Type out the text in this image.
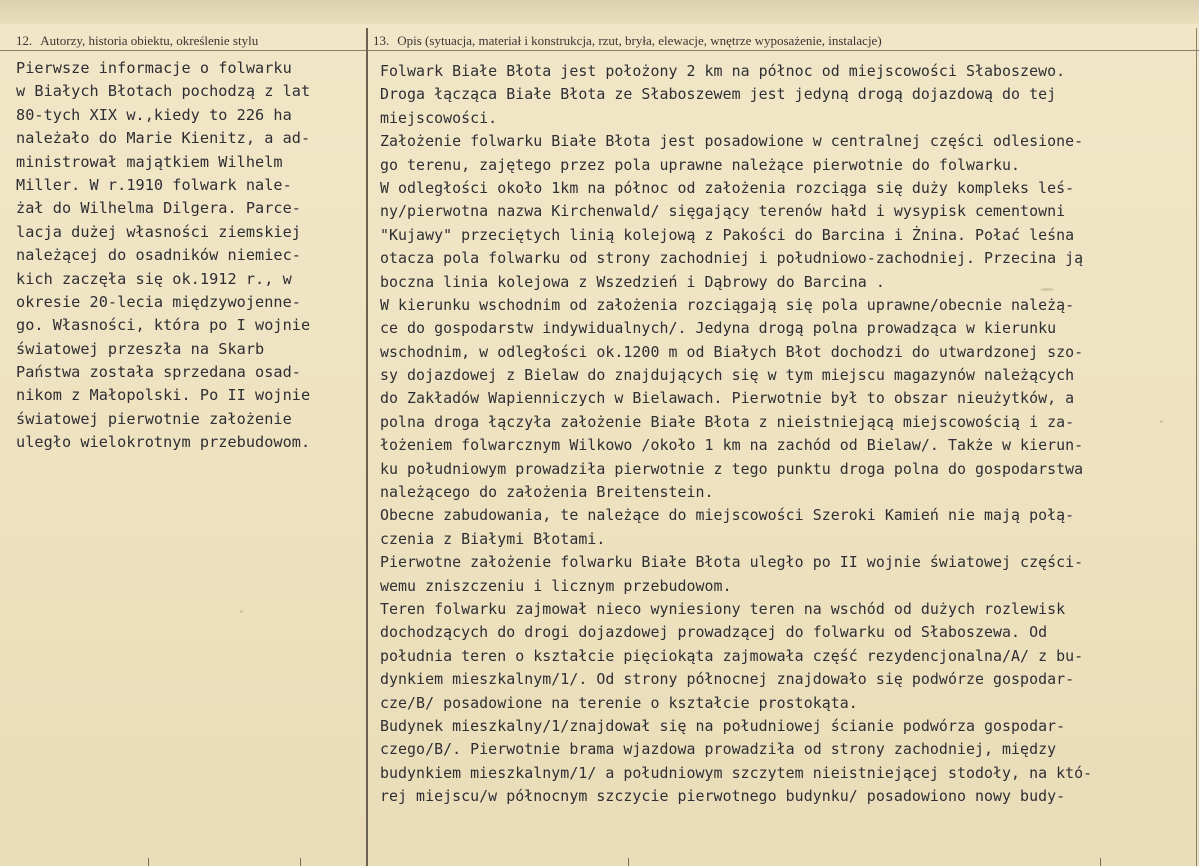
12. Autorzy, historia obiektu, określenie stylu	13. Opis (sytuacja, materiał i konstrukcja, rzut, bryła, elewacje, wnętrze wyposażenie, instalacje)
Pierwsze informacje o folwarku
w Białych Błotach pochodzą z lat
80-tych XIX w.,kiedy to 226 ha
należało do Marie Kienitz, a ad-
ministrował majątkiem Wilhelm
Miller. W r.1910 folwark nale-
żał do Wilhelma Dilgera. Parce-
lacja dużej własności ziemskiej
należącej do osadników niemiec-
kich zaczęła się ok.1912 r., w
okresie 20-lecia międzywojenne-
go. Własności, która po I wojnie
światowej przeszła na Skarb
Państwa została sprzedana osad-
nikom z Małopolski. Po II wojnie
światowej pierwotnie założenie
uległo wielokrotnym przebudowom.
Folwark Białe Błota jest położony 2 km na północ od miejscowości Słaboszewo.
Droga łącząca Białe Błota ze Słaboszewem jest jedyną drogą dojazdową do tej
miejscowości.
Założenie folwarku Białe Błota jest posadowione w centralnej części odlesione-
go terenu, zajętego przez pola uprawne należące pierwotnie do folwarku.
W odległości około 1km na północ od założenia rozciąga się duży kompleks leś-
ny/pierwotna nazwa Kirchenwald/ sięgający terenów hałd i wysypisk cementowni
"Kujawy" przeciętych linią kolejową z Pakości do Barcina i Żnina. Połać leśna
otacza pola folwarku od strony zachodniej i południowo-zachodniej. Przecina ją
boczna linia kolejowa z Wszedzień i Dąbrowy do Barcina .
W kierunku wschodnim od założenia rozciągają się pola uprawne/obecnie należą-
ce do gospodarstw indywidualnych/. Jedyna drogą polna prowadząca w kierunku
wschodnim, w odległości ok.1200 m od Białych Błot dochodzi do utwardzonej szo-
sy dojazdowej z Bielaw do znajdujących się w tym miejscu magazynów należących
do Zakładów Wapienniczych w Bielawach. Pierwotnie był to obszar nieużytków, a
polna droga łączyła założenie Białe Błota z nieistniejącą miejscowością i za-
łożeniem folwarcznym Wilkowo /około 1 km na zachód od Bielaw/. Także w kierun-
ku południowym prowadziła pierwotnie z tego punktu droga polna do gospodarstwa
należącego do założenia Breitenstein.
Obecne zabudowania, te należące do miejscowości Szeroki Kamień nie mają połą-
czenia z Białymi Błotami.
Pierwotne założenie folwarku Białe Błota uległo po II wojnie światowej części-
wemu zniszczeniu i licznym przebudowom.
Teren folwarku zajmował nieco wyniesiony teren na wschód od dużych rozlewisk
dochodzących do drogi dojazdowej prowadzącej do folwarku od Słaboszewa. Od
południa teren o kształcie pięciokąta zajmowała część rezydencjonalna/A/ z bu-
dynkiem mieszkalnym/1/. Od strony północnej znajdowało się podwórze gospodar-
cze/B/ posadowione na terenie o kształcie prostokąta.
Budynek mieszkalny/1/znajdował się na południowej ścianie podwórza gospodar-
czego/B/. Pierwotnie brama wjazdowa prowadziła od strony zachodniej, między
budynkiem mieszkalnym/1/ a południowym szczytem nieistniejącej stodoły, na któ-
rej miejscu/w północnym szczycie pierwotnego budynku/ posadowiono nowy budy-
